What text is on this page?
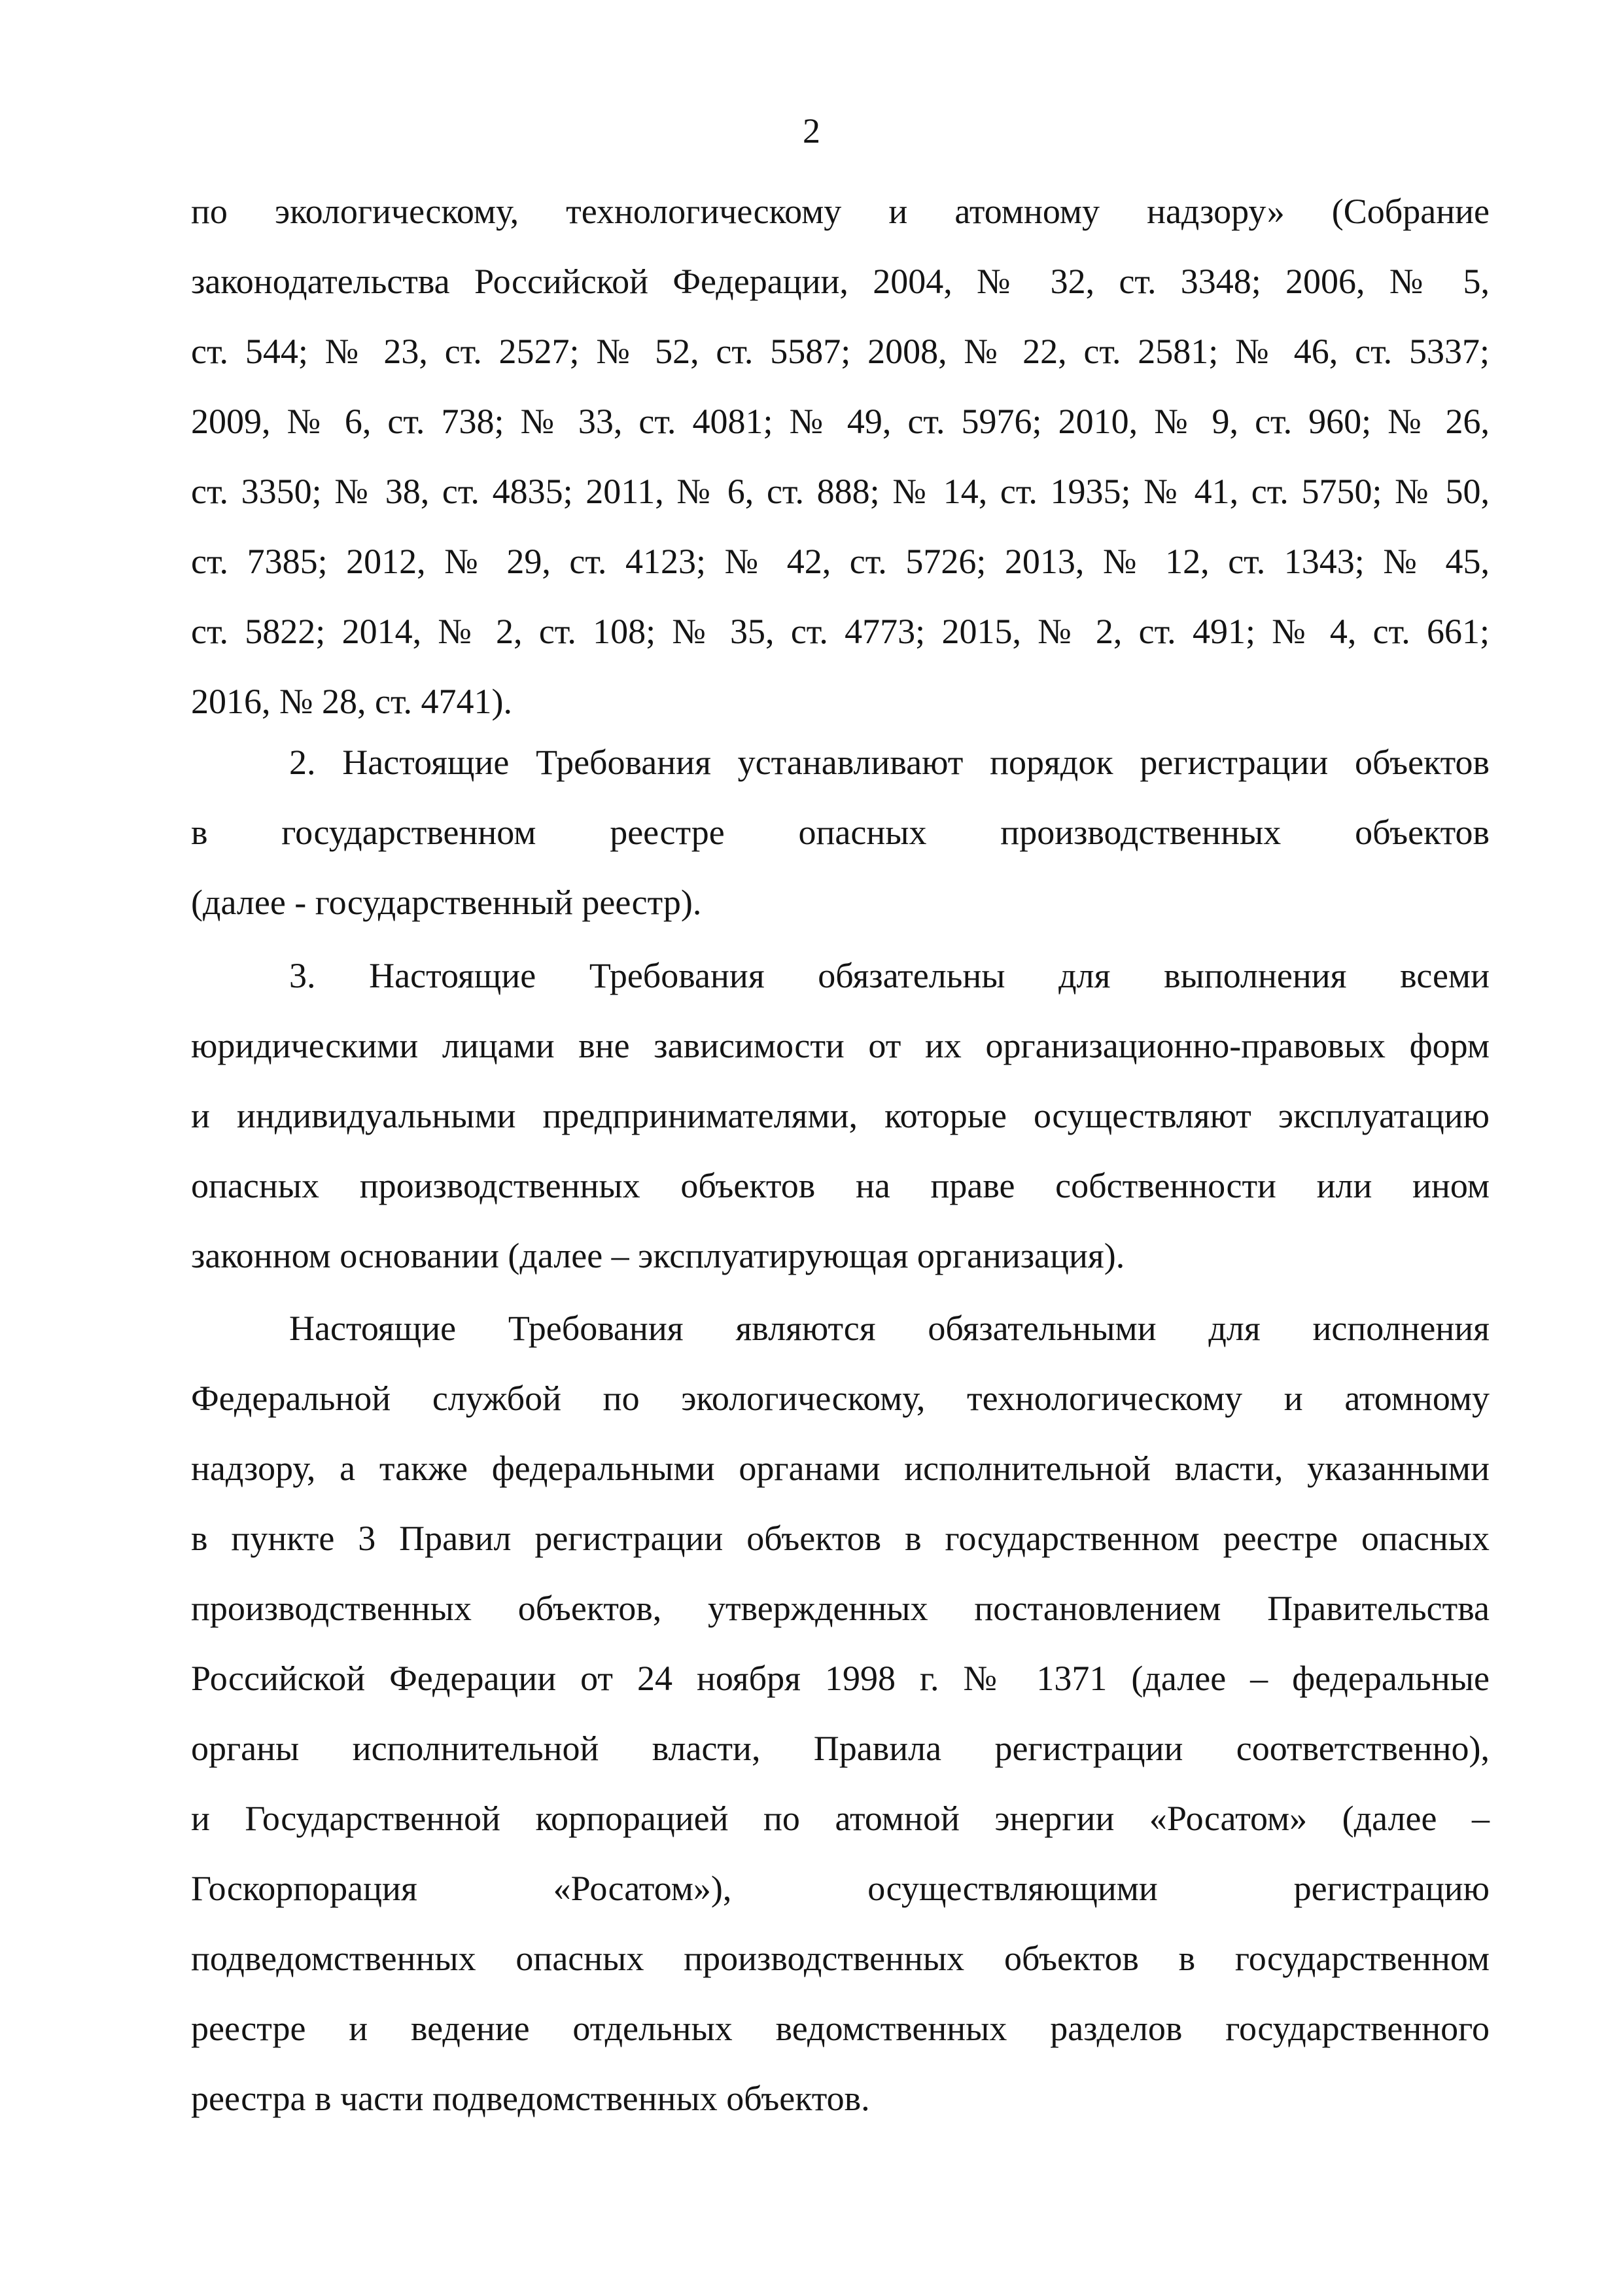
2
по экологическому, технологическому и атомному надзору» (Собрание
законодательства Российской Федерации, 2004, № 32, ст. 3348; 2006, № 5,
ст. 544; № 23, ст. 2527; № 52, ст. 5587; 2008, № 22, ст. 2581; № 46, ст. 5337;
2009, № 6, ст. 738; № 33, ст. 4081; № 49, ст. 5976; 2010, № 9, ст. 960; № 26,
ст. 3350; № 38, ст. 4835; 2011, № 6, ст. 888; № 14, ст. 1935; № 41, ст. 5750; № 50,
ст. 7385; 2012, № 29, ст. 4123; № 42, ст. 5726; 2013, № 12, ст. 1343; № 45,
ст. 5822; 2014, № 2, ст. 108; № 35, ст. 4773; 2015, № 2, ст. 491; № 4, ст. 661;
2016, № 28, ст. 4741).
2. Настоящие Требования устанавливают порядок регистрации объектов
в государственном реестре опасных производственных объектов
(далее - государственный реестр).
3. Настоящие Требования обязательны для выполнения всеми
юридическими лицами вне зависимости от их организационно-правовых форм
и индивидуальными предпринимателями, которые осуществляют эксплуатацию
опасных производственных объектов на праве собственности или ином
законном основании (далее – эксплуатирующая организация).
Настоящие Требования являются обязательными для исполнения
Федеральной службой по экологическому, технологическому и атомному
надзору, а также федеральными органами исполнительной власти, указанными
в пункте 3 Правил регистрации объектов в государственном реестре опасных
производственных объектов, утвержденных постановлением Правительства
Российской Федерации от 24 ноября 1998 г. № 1371 (далее – федеральные
органы исполнительной власти, Правила регистрации соответственно),
и Государственной корпорацией по атомной энергии «Росатом» (далее –
Госкорпорация «Росатом»), осуществляющими регистрацию
подведомственных опасных производственных объектов в государственном
реестре и ведение отдельных ведомственных разделов государственного
реестра в части подведомственных объектов.
